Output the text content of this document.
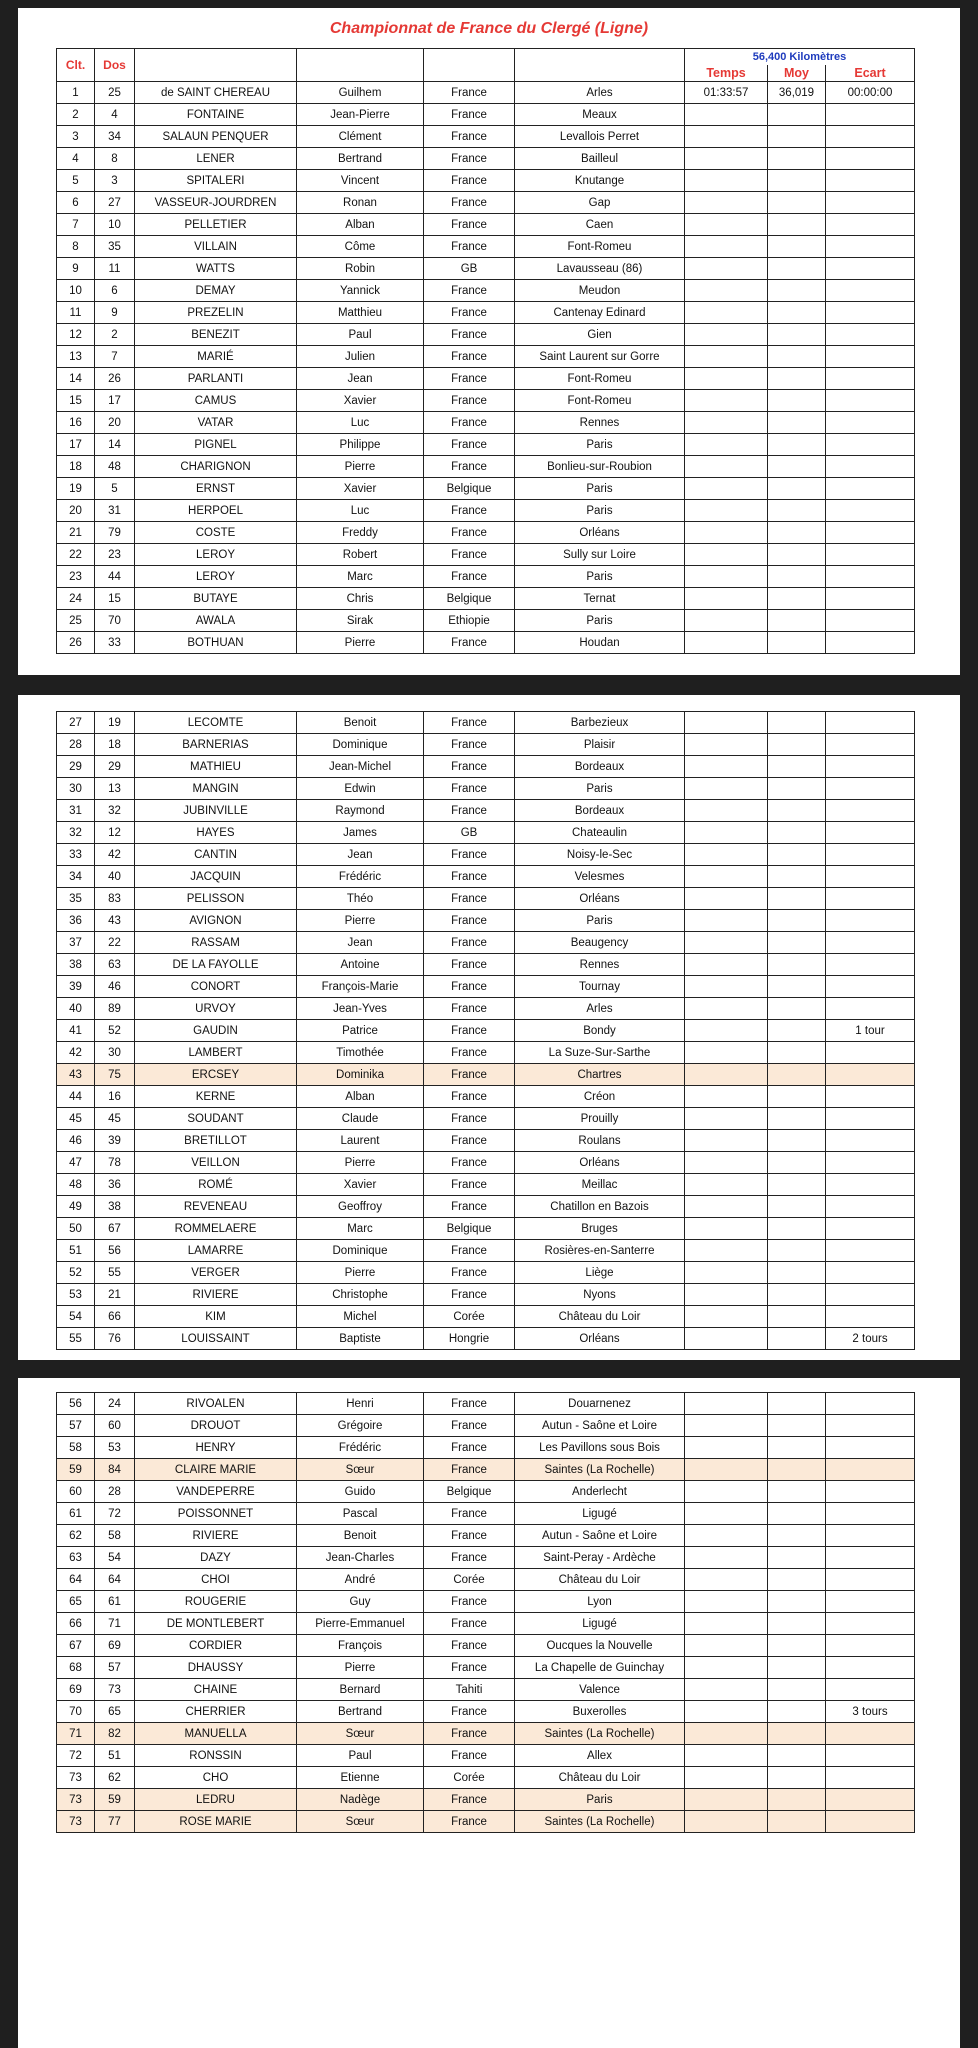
Championnat de France du Clergé (Ligne)
Clt.	Dos					56,400 Kilomètres		
						Temps	Moy	Ecart
1	25	de SAINT CHEREAU	Guilhem	France	Arles	01:33:57	36,019	00:00:00
2	4	FONTAINE	Jean-Pierre	France	Meaux			
3	34	SALAUN PENQUER	Clément	France	Levallois Perret			
4	8	LENER	Bertrand	France	Bailleul			
5	3	SPITALERI	Vincent	France	Knutange			
6	27	VASSEUR-JOURDREN	Ronan	France	Gap			
7	10	PELLETIER	Alban	France	Caen			
8	35	VILLAIN	Côme	France	Font-Romeu			
9	11	WATTS	Robin	GB	Lavausseau (86)			
10	6	DEMAY	Yannick	France	Meudon			
11	9	PREZELIN	Matthieu	France	Cantenay Edinard			
12	2	BENEZIT	Paul	France	Gien			
13	7	MARIÉ	Julien	France	Saint Laurent sur Gorre			
14	26	PARLANTI	Jean	France	Font-Romeu			
15	17	CAMUS	Xavier	France	Font-Romeu			
16	20	VATAR	Luc	France	Rennes			
17	14	PIGNEL	Philippe	France	Paris			
18	48	CHARIGNON	Pierre	France	Bonlieu-sur-Roubion			
19	5	ERNST	Xavier	Belgique	Paris			
20	31	HERPOEL	Luc	France	Paris			
21	79	COSTE	Freddy	France	Orléans			
22	23	LEROY	Robert	France	Sully sur Loire			
23	44	LEROY	Marc	France	Paris			
24	15	BUTAYE	Chris	Belgique	Ternat			
25	70	AWALA	Sirak	Ethiopie	Paris			
26	33	BOTHUAN	Pierre	France	Houdan			
27	19	LECOMTE	Benoit	France	Barbezieux			
28	18	BARNERIAS	Dominique	France	Plaisir			
29	29	MATHIEU	Jean-Michel	France	Bordeaux			
30	13	MANGIN	Edwin	France	Paris			
31	32	JUBINVILLE	Raymond	France	Bordeaux			
32	12	HAYES	James	GB	Chateaulin			
33	42	CANTIN	Jean	France	Noisy-le-Sec			
34	40	JACQUIN	Frédéric	France	Velesmes			
35	83	PELISSON	Théo	France	Orléans			
36	43	AVIGNON	Pierre	France	Paris			
37	22	RASSAM	Jean	France	Beaugency			
38	63	DE LA FAYOLLE	Antoine	France	Rennes			
39	46	CONORT	François-Marie	France	Tournay			
40	89	URVOY	Jean-Yves	France	Arles			
41	52	GAUDIN	Patrice	France	Bondy			1 tour
42	30	LAMBERT	Timothée	France	La Suze-Sur-Sarthe			
43	75	ERCSEY	Dominika	France	Chartres			
44	16	KERNE	Alban	France	Créon			
45	45	SOUDANT	Claude	France	Prouilly			
46	39	BRETILLOT	Laurent	France	Roulans			
47	78	VEILLON	Pierre	France	Orléans			
48	36	ROMÉ	Xavier	France	Meillac			
49	38	REVENEAU	Geoffroy	France	Chatillon en Bazois			
50	67	ROMMELAERE	Marc	Belgique	Bruges			
51	56	LAMARRE	Dominique	France	Rosières-en-Santerre			
52	55	VERGER	Pierre	France	Liège			
53	21	RIVIERE	Christophe	France	Nyons			
54	66	KIM	Michel	Corée	Château du Loir			
55	76	LOUISSAINT	Baptiste	Hongrie	Orléans			2 tours
56	24	RIVOALEN	Henri	France	Douarnenez			
57	60	DROUOT	Grégoire	France	Autun - Saône et Loire			
58	53	HENRY	Frédéric	France	Les Pavillons sous Bois			
59	84	CLAIRE MARIE	Sœur	France	Saintes (La Rochelle)			
60	28	VANDEPERRE	Guido	Belgique	Anderlecht			
61	72	POISSONNET	Pascal	France	Ligugé			
62	58	RIVIERE	Benoit	France	Autun - Saône et Loire			
63	54	DAZY	Jean-Charles	France	Saint-Peray - Ardèche			
64	64	CHOI	André	Corée	Château du Loir			
65	61	ROUGERIE	Guy	France	Lyon			
66	71	DE MONTLEBERT	Pierre-Emmanuel	France	Ligugé			
67	69	CORDIER	François	France	Oucques la Nouvelle			
68	57	DHAUSSY	Pierre	France	La Chapelle de Guinchay			
69	73	CHAINE	Bernard	Tahiti	Valence			
70	65	CHERRIER	Bertrand	France	Buxerolles			3 tours
71	82	MANUELLA	Sœur	France	Saintes (La Rochelle)			
72	51	RONSSIN	Paul	France	Allex			
73	62	CHO	Etienne	Corée	Château du Loir			
73	59	LEDRU	Nadège	France	Paris			
73	77	ROSE MARIE	Sœur	France	Saintes (La Rochelle)			
